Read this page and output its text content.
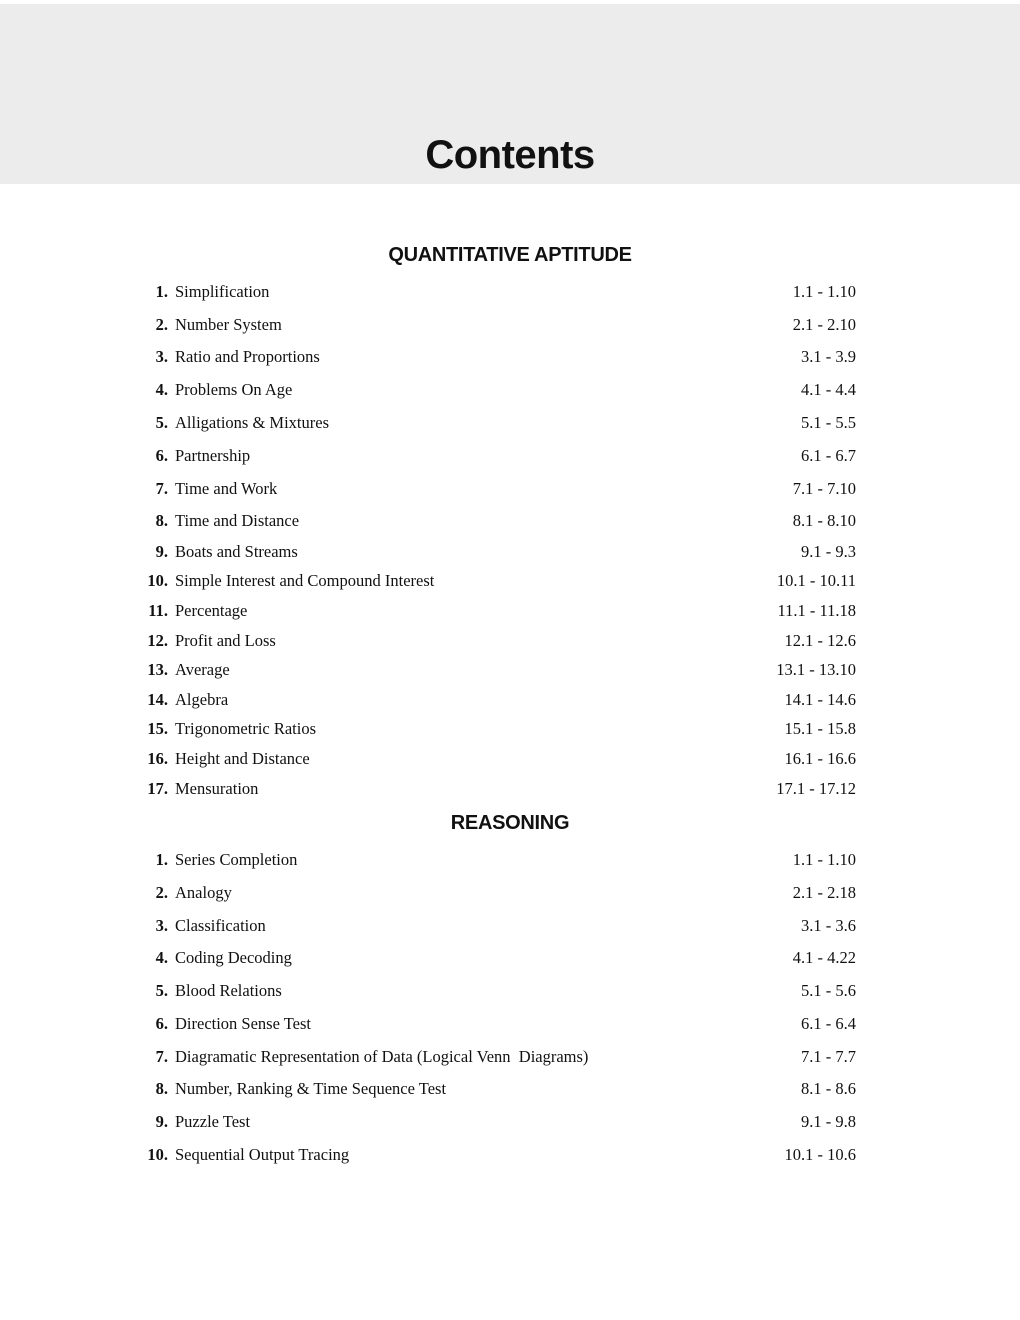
Contents
QUANTITATIVE APTITUDE
1. Simplification	1.1 - 1.10
2. Number System	2.1 - 2.10
3. Ratio and Proportions	3.1 - 3.9
4. Problems On Age	4.1 - 4.4
5. Alligations & Mixtures	5.1 - 5.5
6. Partnership	6.1 - 6.7
7. Time and Work	7.1 - 7.10
8. Time and Distance	8.1 - 8.10
9. Boats and Streams	9.1 - 9.3
10. Simple Interest and Compound Interest	10.1 - 10.11
11. Percentage	11.1 - 11.18
12. Profit and Loss	12.1 - 12.6
13. Average	13.1 - 13.10
14. Algebra	14.1 - 14.6
15. Trigonometric Ratios	15.1 - 15.8
16. Height and Distance	16.1 - 16.6
17. Mensuration	17.1 - 17.12
REASONING
1. Series Completion	1.1 - 1.10
2. Analogy	2.1 - 2.18
3. Classification	3.1 - 3.6
4. Coding Decoding	4.1 - 4.22
5. Blood Relations	5.1 - 5.6
6. Direction Sense Test	6.1 - 6.4
7. Diagramatic Representation of Data (Logical Venn  Diagrams)	7.1 - 7.7
8. Number, Ranking & Time Sequence Test	8.1 - 8.6
9. Puzzle Test	9.1 - 9.8
10. Sequential Output Tracing	10.1 - 10.6
